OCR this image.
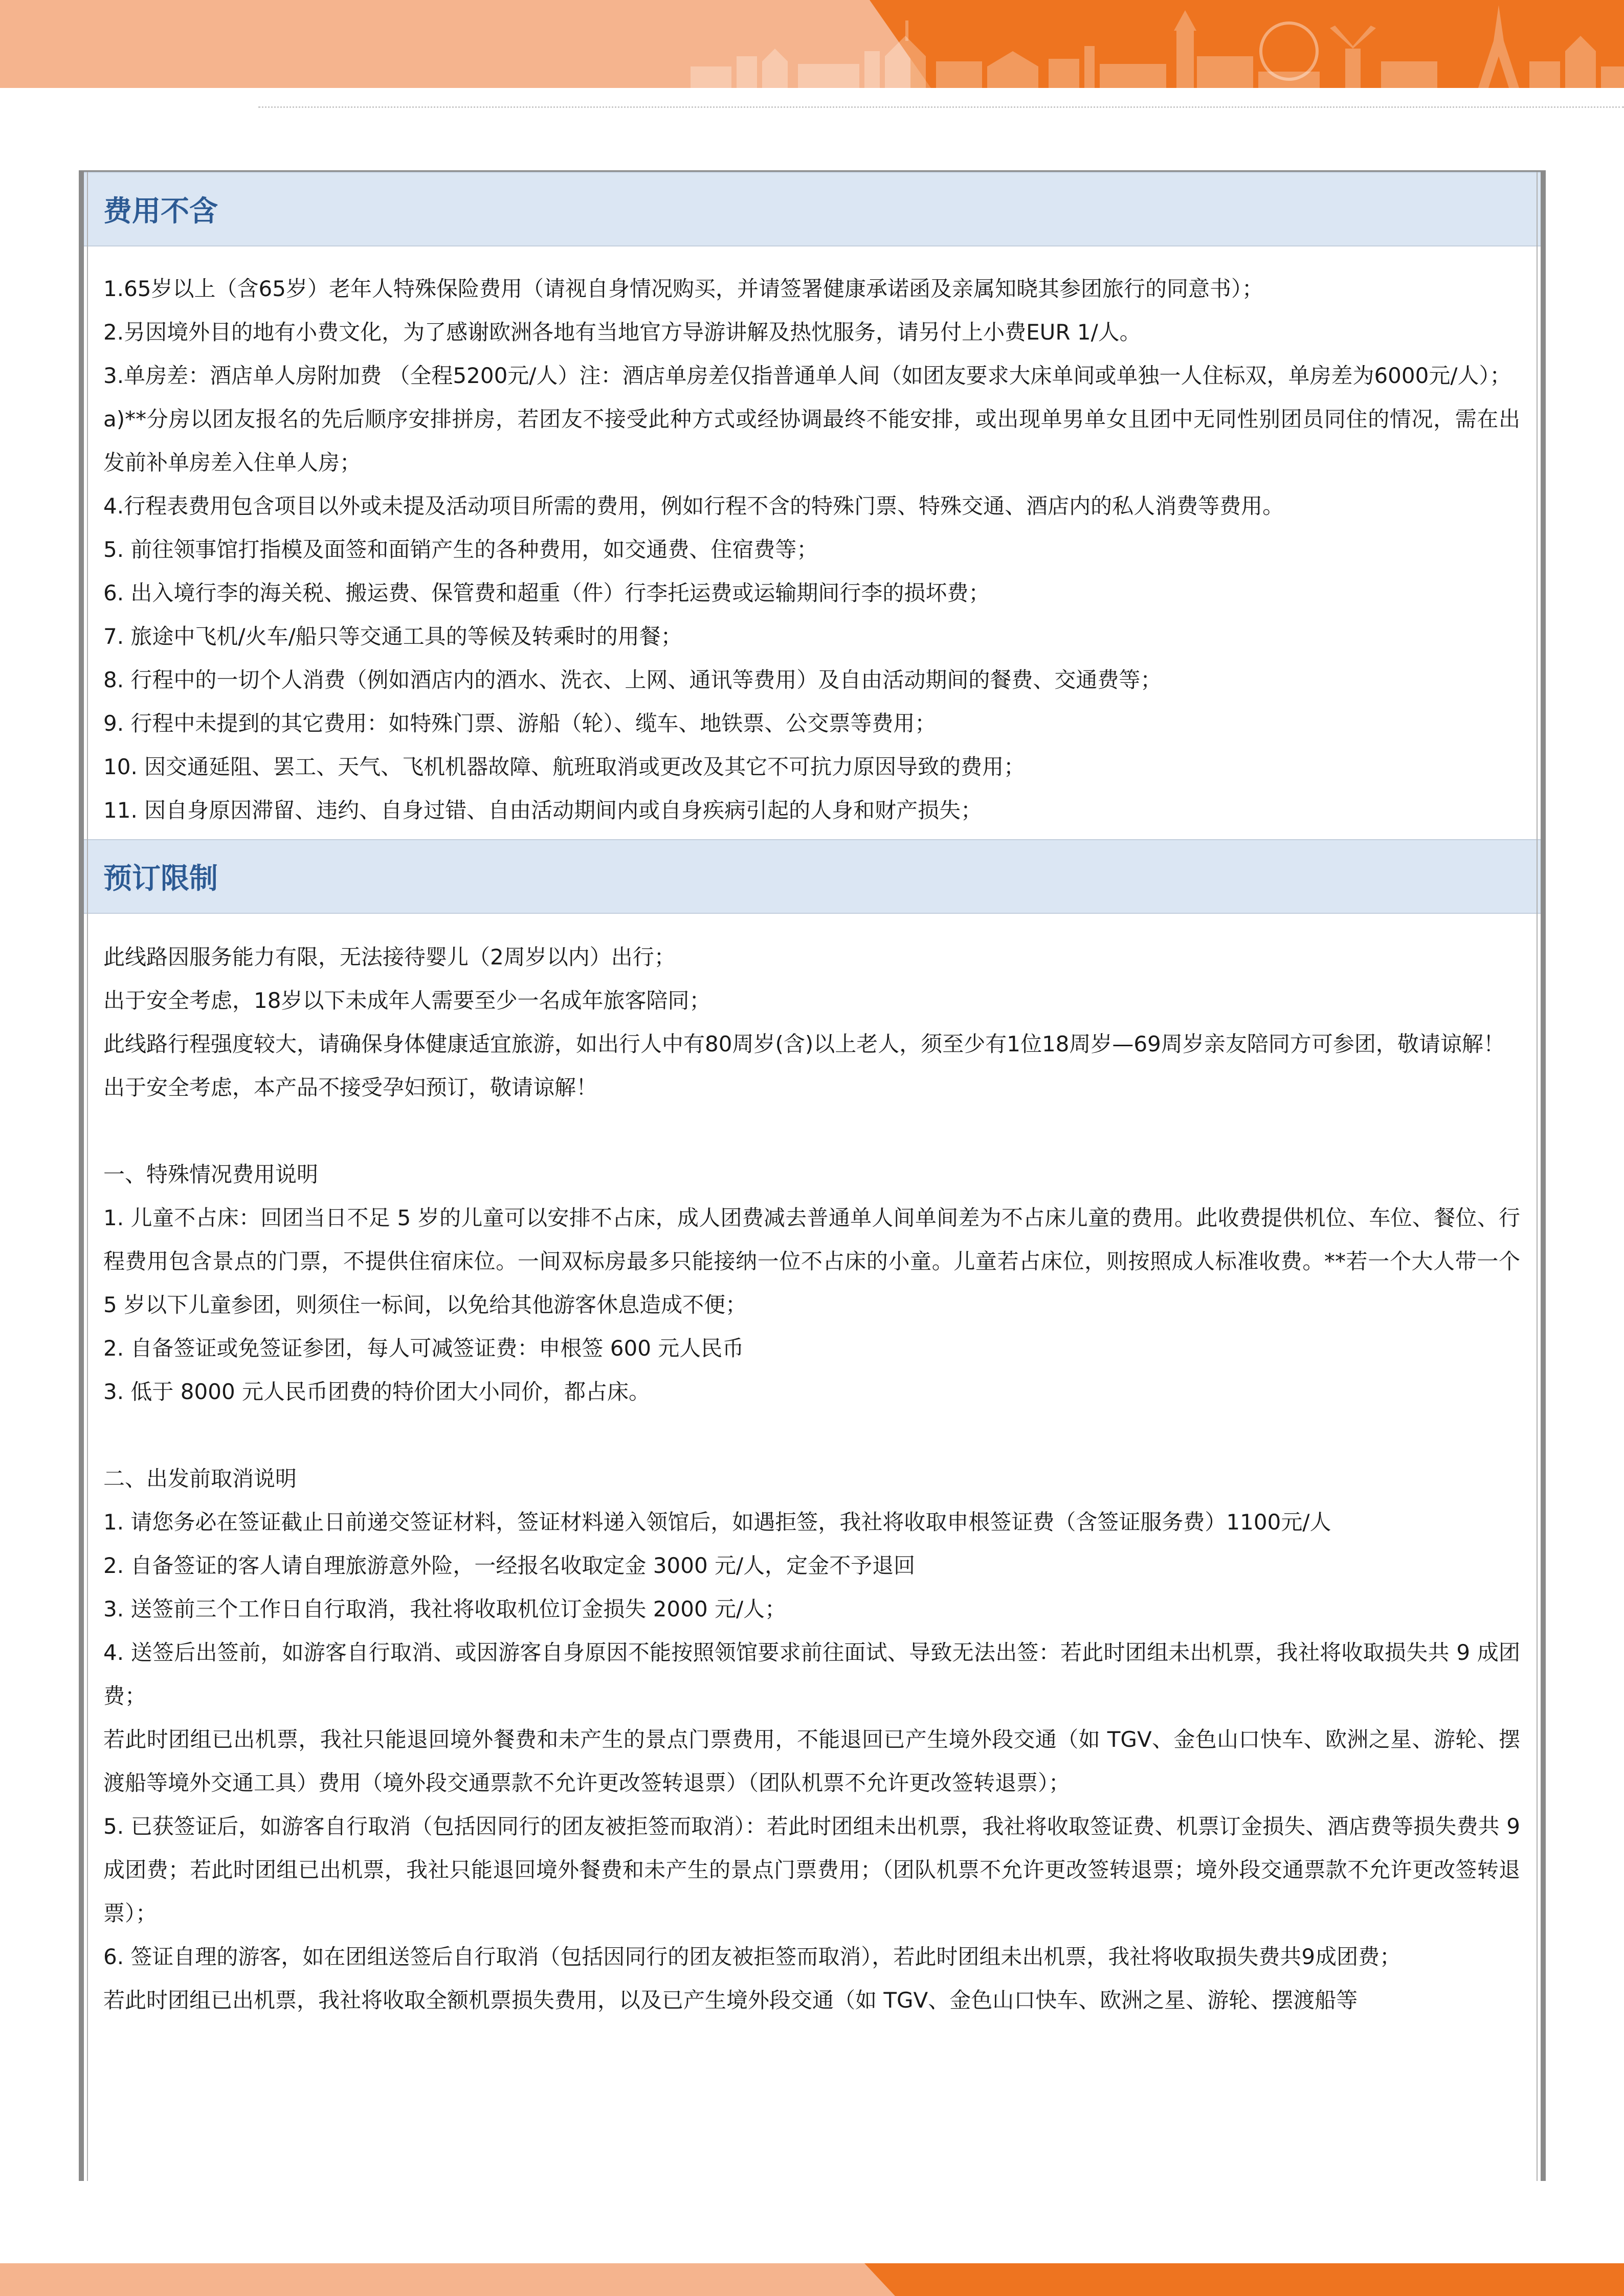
费用不含

1.65岁以上（含65岁）老年人特殊保险费用（请视自身情况购买，并请签署健康承诺函及亲属知晓其参团旅行的同意书）；

2.另因境外目的地有小费文化，为了感谢欧洲各地有当地官方导游讲解及热忱服务，请另付上小费EUR 1/人。

3.单房差：酒店单人房附加费 （全程5200元/人）注：酒店单房差仅指普通单人间（如团友要求大床单间或单独一人住标双，单房差为6000元/人）；

a)**分房以团友报名的先后顺序安排拼房，若团友不接受此种方式或经协调最终不能安排，或出现单男单女且团中无同性别团员同住的情况，需在出发前补单房差入住单人房；

4.行程表费用包含项目以外或未提及活动项目所需的费用，例如行程不含的特殊门票、特殊交通、酒店内的私人消费等费用。

5. 前往领事馆打指模及面签和面销产生的各种费用，如交通费、住宿费等；

6. 出入境行李的海关税、搬运费、保管费和超重（件）行李托运费或运输期间行李的损坏费；

7. 旅途中飞机/火车/船只等交通工具的等候及转乘时的用餐；

8. 行程中的一切个人消费（例如酒店内的酒水、洗衣、上网、通讯等费用）及自由活动期间的餐费、交通费等；

9. 行程中未提到的其它费用：如特殊门票、游船（轮）、缆车、地铁票、公交票等费用；

10. 因交通延阻、罢工、天气、飞机机器故障、航班取消或更改及其它不可抗力原因导致的费用；

11. 因自身原因滞留、违约、自身过错、自由活动期间内或自身疾病引起的人身和财产损失；

预订限制

此线路因服务能力有限，无法接待婴儿（2周岁以内）出行；

出于安全考虑，18岁以下未成年人需要至少一名成年旅客陪同；

此线路行程强度较大，请确保身体健康适宜旅游，如出行人中有80周岁(含)以上老人，须至少有1位18周岁—69周岁亲友陪同方可参团，敬请谅解！

出于安全考虑，本产品不接受孕妇预订，敬请谅解！

一、特殊情况费用说明

1. 儿童不占床：回团当日不足 5 岁的儿童可以安排不占床，成人团费减去普通单人间单间差为不占床儿童的费用。此收费提供机位、车位、餐位、行程费用包含景点的门票，不提供住宿床位。一间双标房最多只能接纳一位不占床的小童。儿童若占床位，则按照成人标准收费。**若一个大人带一个 5 岁以下儿童参团，则须住一标间，以免给其他游客休息造成不便；

2. 自备签证或免签证参团，每人可减签证费：申根签 600 元人民币

3. 低于 8000 元人民币团费的特价团大小同价，都占床。

二、出发前取消说明

1. 请您务必在签证截止日前递交签证材料，签证材料递入领馆后，如遇拒签，我社将收取申根签证费（含签证服务费）1100元/人

2. 自备签证的客人请自理旅游意外险，一经报名收取定金 3000 元/人，定金不予退回

3. 送签前三个工作日自行取消，我社将收取机位订金损失 2000 元/人；

4. 送签后出签前，如游客自行取消、或因游客自身原因不能按照领馆要求前往面试、导致无法出签：若此时团组未出机票，我社将收取损失共 9 成团费；

若此时团组已出机票，我社只能退回境外餐费和未产生的景点门票费用，不能退回已产生境外段交通（如 TGV、金色山口快车、欧洲之星、游轮、摆渡船等境外交通工具）费用（境外段交通票款不允许更改签转退票）（团队机票不允许更改签转退票）；

5. 已获签证后，如游客自行取消（包括因同行的团友被拒签而取消）：若此时团组未出机票，我社将收取签证费、机票订金损失、酒店费等损失费共 9 成团费；若此时团组已出机票，我社只能退回境外餐费和未产生的景点门票费用；（团队机票不允许更改签转退票；境外段交通票款不允许更改签转退票）；

6. 签证自理的游客，如在团组送签后自行取消（包括因同行的团友被拒签而取消），若此时团组未出机票，我社将收取损失费共9成团费；

若此时团组已出机票，我社将收取全额机票损失费用，以及已产生境外段交通（如 TGV、金色山口快车、欧洲之星、游轮、摆渡船等
